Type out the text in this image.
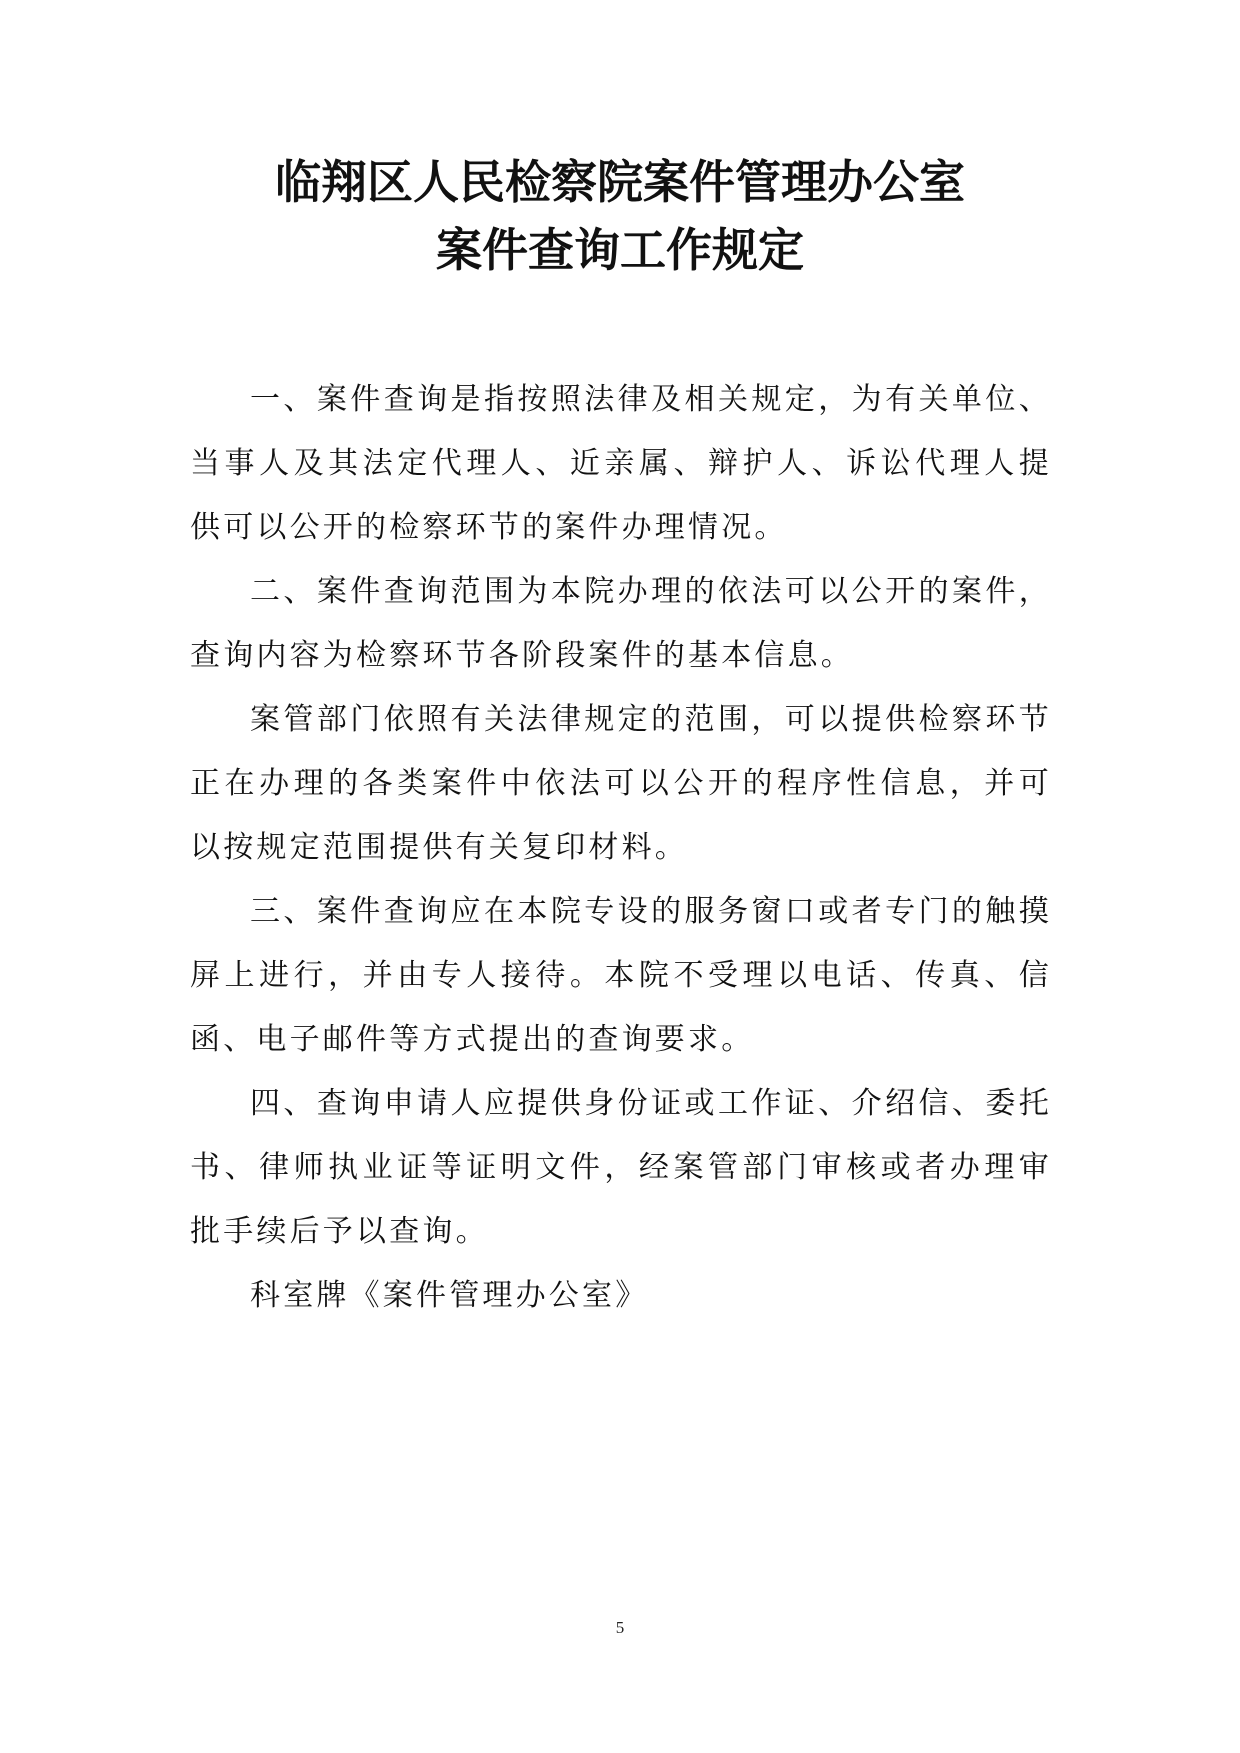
临翔区人民检察院案件管理办公室
案件查询工作规定

一、案件查询是指按照法律及相关规定，为有关单位、当事人及其法定代理人、近亲属、辩护人、诉讼代理人提供可以公开的检察环节的案件办理情况。

二、案件查询范围为本院办理的依法可以公开的案件，查询内容为检察环节各阶段案件的基本信息。

案管部门依照有关法律规定的范围，可以提供检察环节正在办理的各类案件中依法可以公开的程序性信息，并可以按规定范围提供有关复印材料。

三、案件查询应在本院专设的服务窗口或者专门的触摸屏上进行，并由专人接待。本院不受理以电话、传真、信函、电子邮件等方式提出的查询要求。

四、查询申请人应提供身份证或工作证、介绍信、委托书、律师执业证等证明文件，经案管部门审核或者办理审批手续后予以查询。

科室牌《案件管理办公室》

5
